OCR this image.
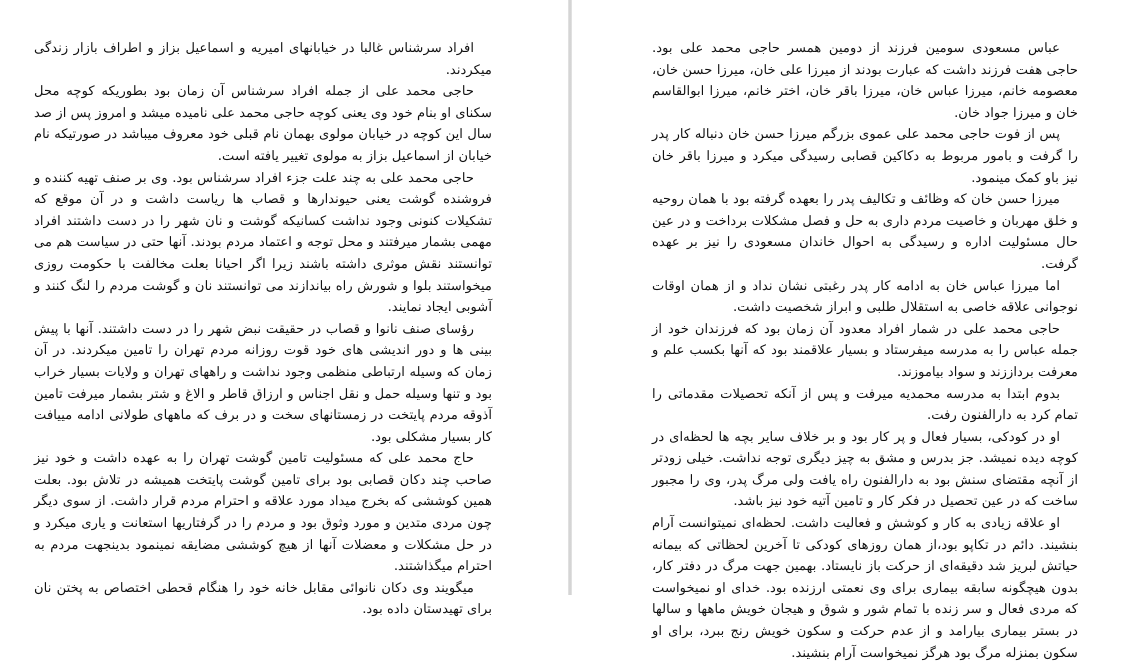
افراد سرشناس غالبا در خیابانهای امیریه و اسماعیل بزاز و اطراف بازار زندگی میکردند.

حاجی محمد علی از جمله افراد سرشناس آن زمان بود بطوریکه کوچه محل سکنای او بنام خود وی یعنی کوچه حاجی محمد علی نامیده میشد و امروز پس از صد سال این کوچه در خیابان مولوی بهمان نام قبلی خود معروف میباشد در صورتیکه نام خیابان از اسماعیل بزاز به مولوی تغییر یافته است.

حاجی محمد علی به چند علت جزء افراد سرشناس بود. وی بر صنف تهیه کننده و فروشنده گوشت یعنی حیوندارها و قصاب ها ریاست داشت و در آن موقع که تشکیلات کنونی وجود نداشت کسانیکه گوشت و نان شهر را در دست داشتند افراد مهمی بشمار میرفتند و محل توجه و اعتماد مردم بودند. آنها حتی در سیاست هم می توانستند نقش موثری داشته باشند زیرا اگر احیانا بعلت مخالفت با حکومت روزی میخواستند بلوا و شورش راه بیاندازند می توانستند نان و گوشت مردم را لنگ کنند و آشوبی ایجاد نمایند.

رؤسای صنف نانوا و قصاب در حقیقت نبض شهر را در دست داشتند. آنها با پیش بینی ها و دور اندیشی های خود قوت روزانه مردم تهران را تامین میکردند. در آن زمان که وسیله ارتباطی منظمی وجود نداشت و راههای تهران و ولایات بسیار خراب بود و تنها وسیله حمل و نقل اجناس و ارزاق قاطر و الاغ و شتر بشمار میرفت تامین آذوقه مردم پایتخت در زمستانهای سخت و در برف که ماههای طولانی ادامه مییافت کار بسیار مشکلی بود.

حاج محمد علی که مسئولیت تامین گوشت تهران را به عهده داشت و خود نیز صاحب چند دکان قصابی بود برای تامین گوشت پایتخت همیشه در تلاش بود. بعلت همین کوششی که بخرج میداد مورد علاقه و احترام مردم قرار داشت. از سوی دیگر چون مردی متدین و مورد وثوق بود و مردم را در گرفتاریها استعانت و یاری میکرد و در حل مشکلات و معضلات آنها از هیچ کوششی مضایقه نمینمود بدینجهت مردم به احترام میگذاشتند.

میگویند وی دکان نانوائی مقابل خانه خود را هنگام قحطی اختصاص به پختن نان برای تهیدستان داده بود.

عباس مسعودی سومین فرزند از دومین همسر حاجی محمد علی بود. حاجی هفت فرزند داشت که عبارت بودند از میرزا علی خان، میرزا حسن خان، معصومه خانم، میرزا عباس خان، میرزا باقر خان، اختر خانم، میرزا ابوالقاسم خان و میرزا جواد خان.

پس از فوت حاجی محمد علی عموی بزرگم میرزا حسن خان دنباله کار پدر را گرفت و بامور مربوط به دکاکین قصابی رسیدگی میکرد و میرزا باقر خان نیز باو کمک مینمود.

میرزا حسن خان که وظائف و تکالیف پدر را بعهده گرفته بود با همان روحیه و خلق مهربان و خاصیت مردم داری به حل و فصل مشکلات برداخت و در عین حال مسئولیت اداره و رسیدگی به احوال خاندان مسعودی را نیز بر عهده گرفت.

اما میرزا عباس خان به ادامه کار پدر رغبتی نشان نداد و از همان اوقات نوجوانی علاقه خاصی به استقلال طلبی و ابراز شخصیت داشت.

حاجی محمد علی در شمار افراد معدود آن زمان بود که فرزندان خود از جمله عباس را به مدرسه میفرستاد و بسیار علاقمند بود که آنها بکسب علم و معرفت برداززند و سواد بیاموزند.

بدوم ابتدا به مدرسه محمدیه میرفت و پس از آنکه تحصیلات مقدماتی را تمام کرد به دارالفنون رفت.

او در کودکی، بسیار فعال و پر کار بود و بر خلاف سایر بچه ها لحظه‌ای در کوچه دیده نمیشد. جز بدرس و مشق به چیز دیگری توجه نداشت. خیلی زودتر از آنچه مقتضای سنش بود به دارالفنون راه یافت ولی مرگ پدر، وی را مجبور ساخت که در عین تحصیل در فکر کار و تامین آتیه خود نیز باشد.

او علاقه زیادی به کار و کوشش و فعالیت داشت. لحظه‌ای نمیتوانست آرام بنشیند. دائم در تکاپو بود،از همان روزهای کودکی تا آخرین لحظاتی که بیمانه حیاتش لبریز شد دقیقه‌ای از حرکت باز نایستاد. بهمین جهت مرگ در دفتر کار، بدون هیچگونه سابقه بیماری برای وی نعمتی ارزنده بود. خدای او نمیخواست که مردی فعال و سر زنده با تمام شور و شوق و هیجان خویش ماهها و سالها در بستر بیماری بیارامد و از عدم حرکت و سکون خویش رنج ببرد، برای او سکون بمنزله مرگ بود هرگز نمیخواست آرام بنشیند.
